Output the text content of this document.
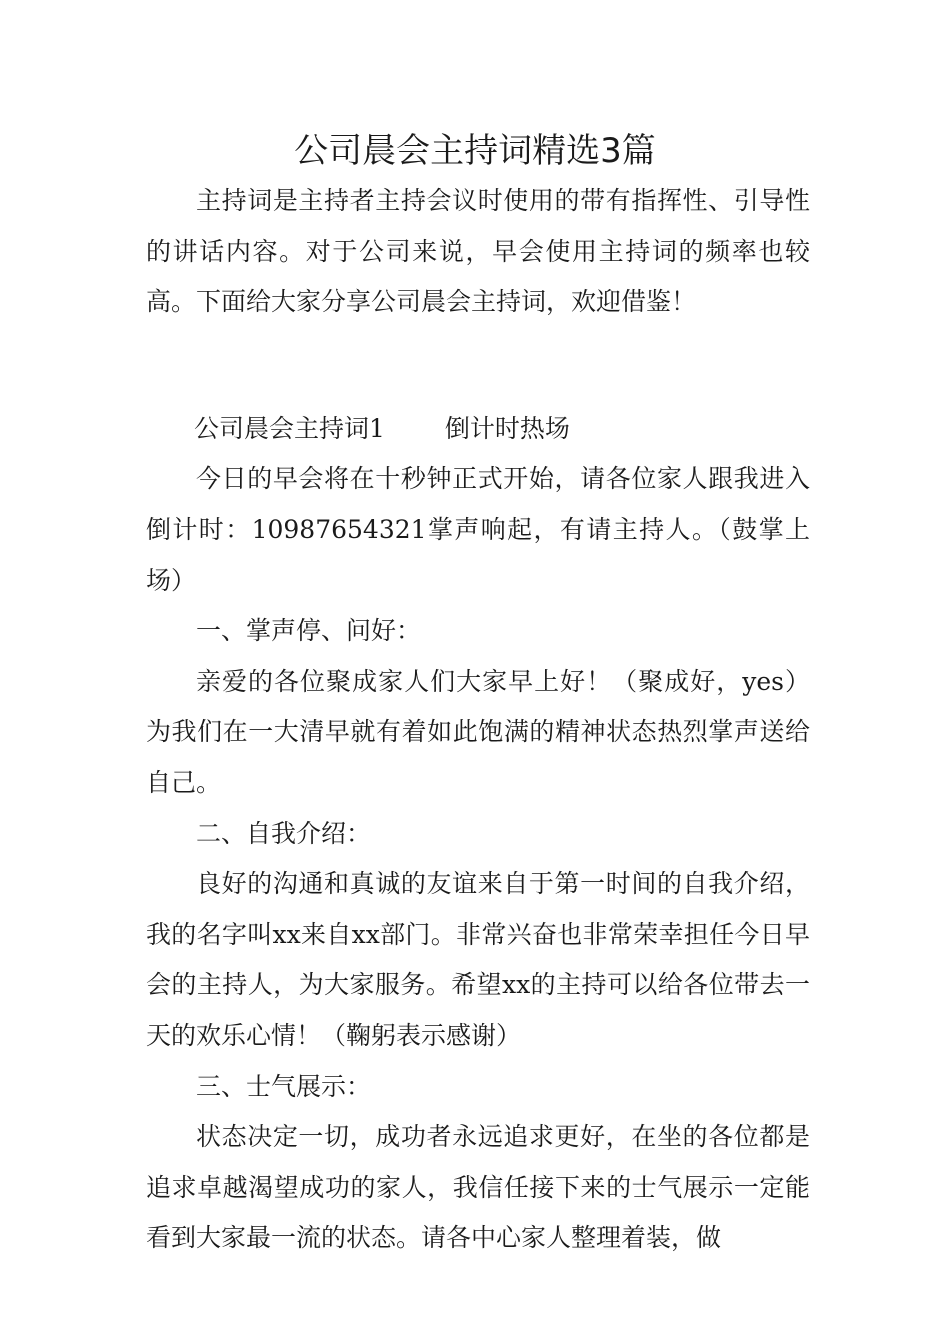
公司晨会主持词精选3篇

主持词是主持者主持会议时使用的带有指挥性、引导性的讲话内容。对于公司来说，早会使用主持词的频率也较高。下面给大家分享公司晨会主持词，欢迎借鉴！

公司晨会主持词1 倒计时热场

今日的早会将在十秒钟正式开始，请各位家人跟我进入倒计时：10987654321掌声响起，有请主持人。（鼓掌上场）

一、掌声停、问好：

亲爱的各位聚成家人们大家早上好！（聚成好，yes）为我们在一大清早就有着如此饱满的精神状态热烈掌声送给自己。

二、自我介绍：

良好的沟通和真诚的友谊来自于第一时间的自我介绍，我的名字叫xx来自xx部门。非常兴奋也非常荣幸担任今日早会的主持人，为大家服务。希望xx的主持可以给各位带去一天的欢乐心情！（鞠躬表示感谢）

三、士气展示：

状态决定一切，成功者永远追求更好，在坐的各位都是追求卓越渴望成功的家人，我信任接下来的士气展示一定能看到大家最一流的状态。请各中心家人整理着装，做
